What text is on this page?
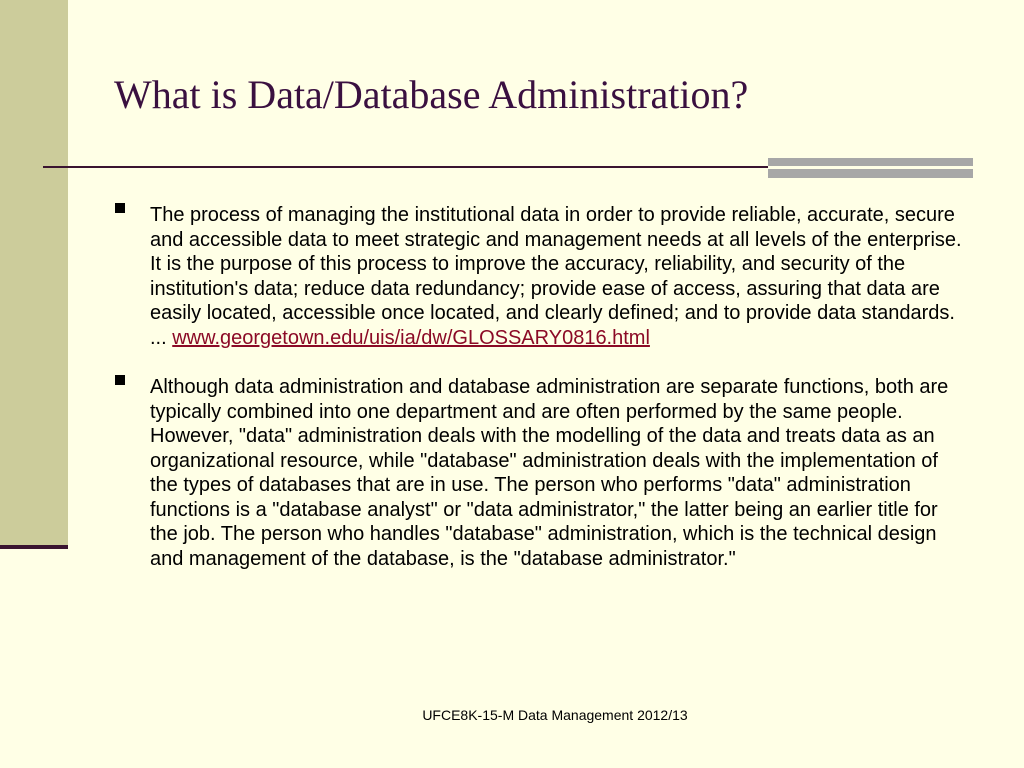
What is Data/Database Administration?
The process of managing the institutional data in order to provide reliable, accurate, secure and accessible data to meet strategic and management needs at all levels of the enterprise. It is the purpose of this process to improve the accuracy, reliability, and security of the institution's data; reduce data redundancy; provide ease of access, assuring that data are easily located, accessible once located, and clearly defined; and to provide data standards. ... www.georgetown.edu/uis/ia/dw/GLOSSARY0816.html
Although data administration and database administration are separate functions, both are typically combined into one department and are often performed by the same people. However, "data" administration deals with the modelling of the data and treats data as an organizational resource, while "database" administration deals with the implementation of the types of databases that are in use. The person who performs "data" administration functions is a "database analyst" or "data administrator," the latter being an earlier title for the job. The person who handles "database" administration, which is the technical design and management of the database, is the "database administrator."
UFCE8K-15-M Data Management 2012/13
